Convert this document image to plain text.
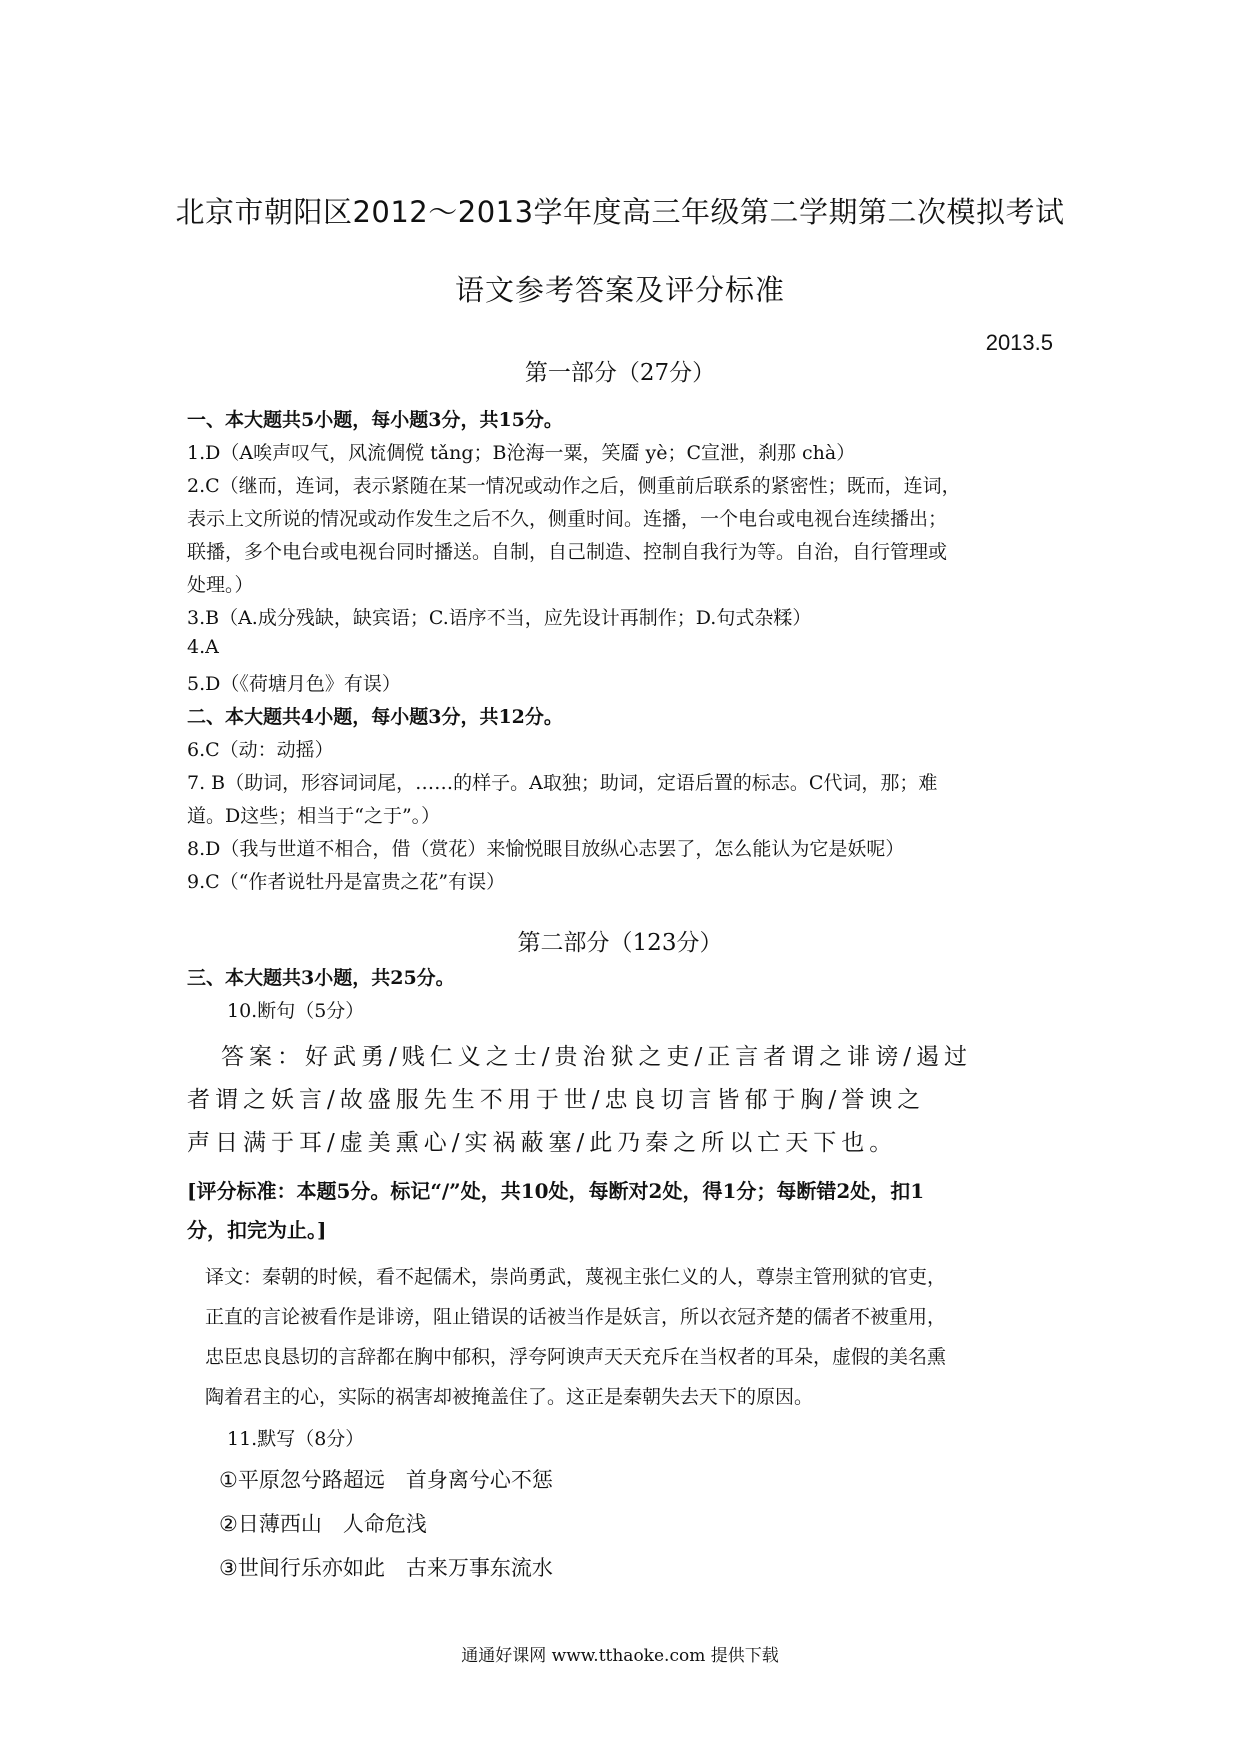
北京市朝阳区2012～2013学年度高三年级第二学期第二次模拟考试
语文参考答案及评分标准
2013.5
第一部分（27分）
一、本大题共5小题，每小题3分，共15分。
1.D（A唉声叹气，风流倜傥 tǎng；B沧海一粟，笑靥 yè；C宣泄，刹那 chà）
2.C（继而，连词，表示紧随在某一情况或动作之后，侧重前后联系的紧密性；既而，连词，
表示上文所说的情况或动作发生之后不久，侧重时间。连播，一个电台或电视台连续播出；
联播，多个电台或电视台同时播送。自制，自己制造、控制自我行为等。自治，自行管理或
处理。）
3.B（A.成分残缺，缺宾语；C.语序不当，应先设计再制作；D.句式杂糅）
4.A
5.D（《荷塘月色》有误）
二、本大题共4小题，每小题3分，共12分。
6.C（动：动摇）
7. B（助词，形容词词尾，……的样子。A取独；助词，定语后置的标志。C代词，那；难
道。D这些；相当于“之于”。）
8.D（我与世道不相合，借（赏花）来愉悦眼目放纵心志罢了，怎么能认为它是妖呢）
9.C（“作者说牡丹是富贵之花”有误）
第二部分（123分）
三、本大题共3小题，共25分。
10.断句（5分）
答案：好武勇/贱仁义之士/贵治狱之吏/正言者谓之诽谤/遏过
者谓之妖言/故盛服先生不用于世/忠良切言皆郁于胸/誉谀之
声日满于耳/虚美熏心/实祸蔽塞/此乃秦之所以亡天下也。
[评分标准：本题5分。标记“/”处，共10处，每断对2处，得1分；每断错2处，扣1
分，扣完为止。]
译文：秦朝的时候，看不起儒术，崇尚勇武，蔑视主张仁义的人，尊崇主管刑狱的官吏，
正直的言论被看作是诽谤，阻止错误的话被当作是妖言，所以衣冠齐楚的儒者不被重用，
忠臣忠良恳切的言辞都在胸中郁积，浮夸阿谀声天天充斥在当权者的耳朵，虚假的美名熏
陶着君主的心，实际的祸害却被掩盖住了。这正是秦朝失去天下的原因。
11.默写（8分）
①平原忽兮路超远　首身离兮心不惩
②日薄西山　人命危浅
③世间行乐亦如此　古来万事东流水
通通好课网 www.tthaoke.com 提供下载
